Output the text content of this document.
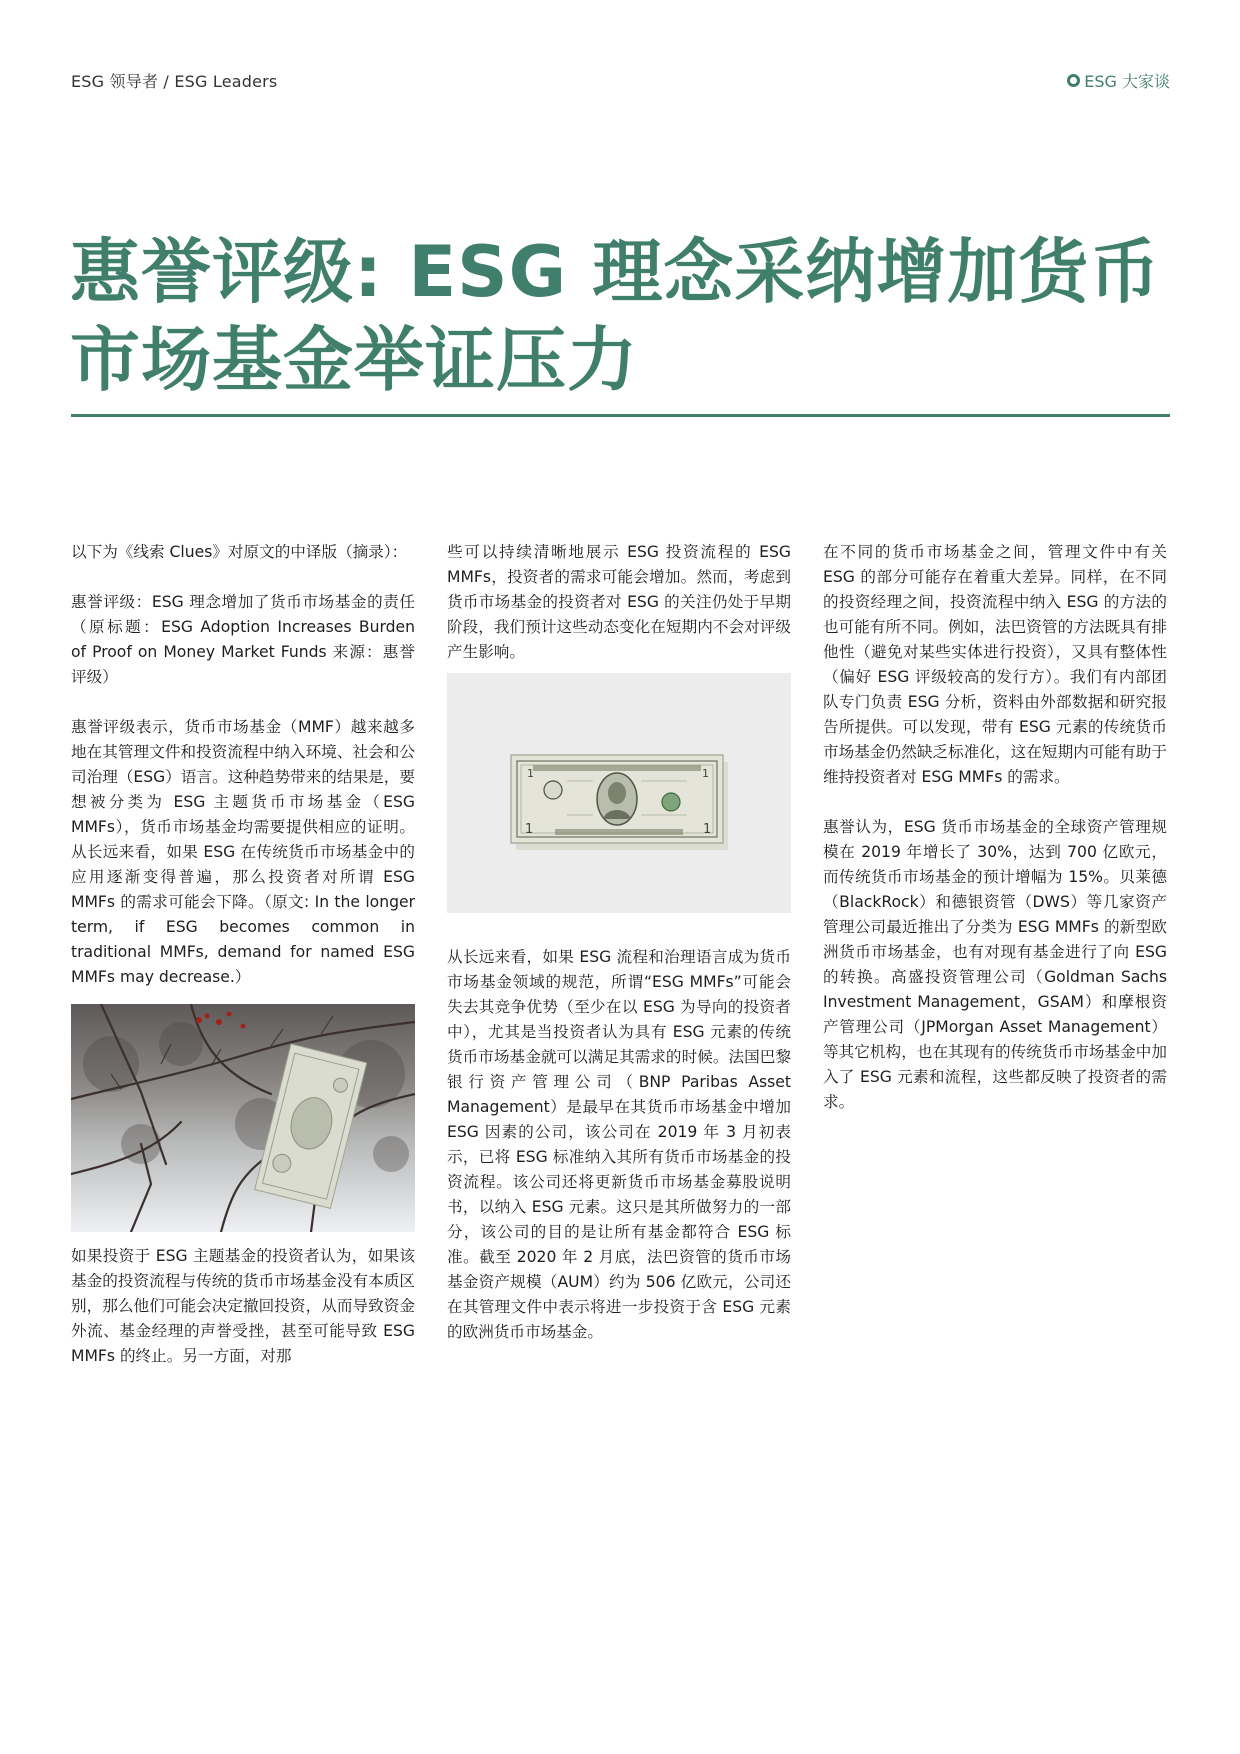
ESG 领导者 / ESG Leaders	ESG 大家谈
惠誉评级: ESG 理念采纳增加货币
市场基金举证压力

以下为《线索 Clues》对原文的中译版（摘录）：

惠誉评级：ESG 理念增加了货币市场基金的责任（原标题：ESG Adoption Increases Burden of Proof on Money Market Funds 来源：惠誉评级）

惠誉评级表示，货币市场基金（MMF）越来越多地在其管理文件和投资流程中纳入环境、社会和公司治理（ESG）语言。这种趋势带来的结果是，要想被分类为 ESG 主题货币市场基金（ESG MMFs），货币市场基金均需要提供相应的证明。从长远来看，如果 ESG 在传统货币市场基金中的应用逐渐变得普遍，那么投资者对所谓 ESG MMFs 的需求可能会下降。（原文: In the longer term, if ESG becomes common in traditional MMFs, demand for named ESG MMFs may decrease.）

如果投资于 ESG 主题基金的投资者认为，如果该基金的投资流程与传统的货币市场基金没有本质区别，那么他们可能会决定撤回投资，从而导致资金外流、基金经理的声誉受挫，甚至可能导致 ESG MMFs 的终止。另一方面，对那

些可以持续清晰地展示 ESG 投资流程的 ESG MMFs，投资者的需求可能会增加。然而，考虑到货币市场基金的投资者对 ESG 的关注仍处于早期阶段，我们预计这些动态变化在短期内不会对评级产生影响。

1	1
1	1

从长远来看，如果 ESG 流程和治理语言成为货币市场基金领域的规范，所谓“ESG MMFs”可能会失去其竞争优势（至少在以 ESG 为导向的投资者中），尤其是当投资者认为具有 ESG 元素的传统货币市场基金就可以满足其需求的时候。法国巴黎银行资产管理公司（BNP Paribas Asset Management）是最早在其货币市场基金中增加 ESG 因素的公司，该公司在 2019 年 3 月初表示，已将 ESG 标准纳入其所有货币市场基金的投资流程。该公司还将更新货币市场基金募股说明书，以纳入 ESG 元素。这只是其所做努力的一部分，该公司的目的是让所有基金都符合 ESG 标准。截至 2020 年 2 月底，法巴资管的货币市场基金资产规模（AUM）约为 506 亿欧元，公司还在其管理文件中表示将进一步投资于含 ESG 元素的欧洲货币市场基金。

在不同的货币市场基金之间，管理文件中有关 ESG 的部分可能存在着重大差异。同样，在不同的投资经理之间，投资流程中纳入 ESG 的方法的也可能有所不同。例如，法巴资管的方法既具有排他性（避免对某些实体进行投资），又具有整体性（偏好 ESG 评级较高的发行方）。我们有内部团队专门负责 ESG 分析，资料由外部数据和研究报告所提供。可以发现，带有 ESG 元素的传统货币市场基金仍然缺乏标准化，这在短期内可能有助于维持投资者对 ESG MMFs 的需求。

惠誉认为，ESG 货币市场基金的全球资产管理规模在 2019 年增长了 30%，达到 700 亿欧元，而传统货币市场基金的预计增幅为 15%。贝莱德（BlackRock）和德银资管（DWS）等几家资产管理公司最近推出了分类为 ESG MMFs 的新型欧洲货币市场基金，也有对现有基金进行了向 ESG 的转换。高盛投资管理公司（Goldman Sachs Investment Management，GSAM）和摩根资产管理公司（JPMorgan Asset Management）等其它机构，也在其现有的传统货币市场基金中加入了 ESG 元素和流程，这些都反映了投资者的需求。
